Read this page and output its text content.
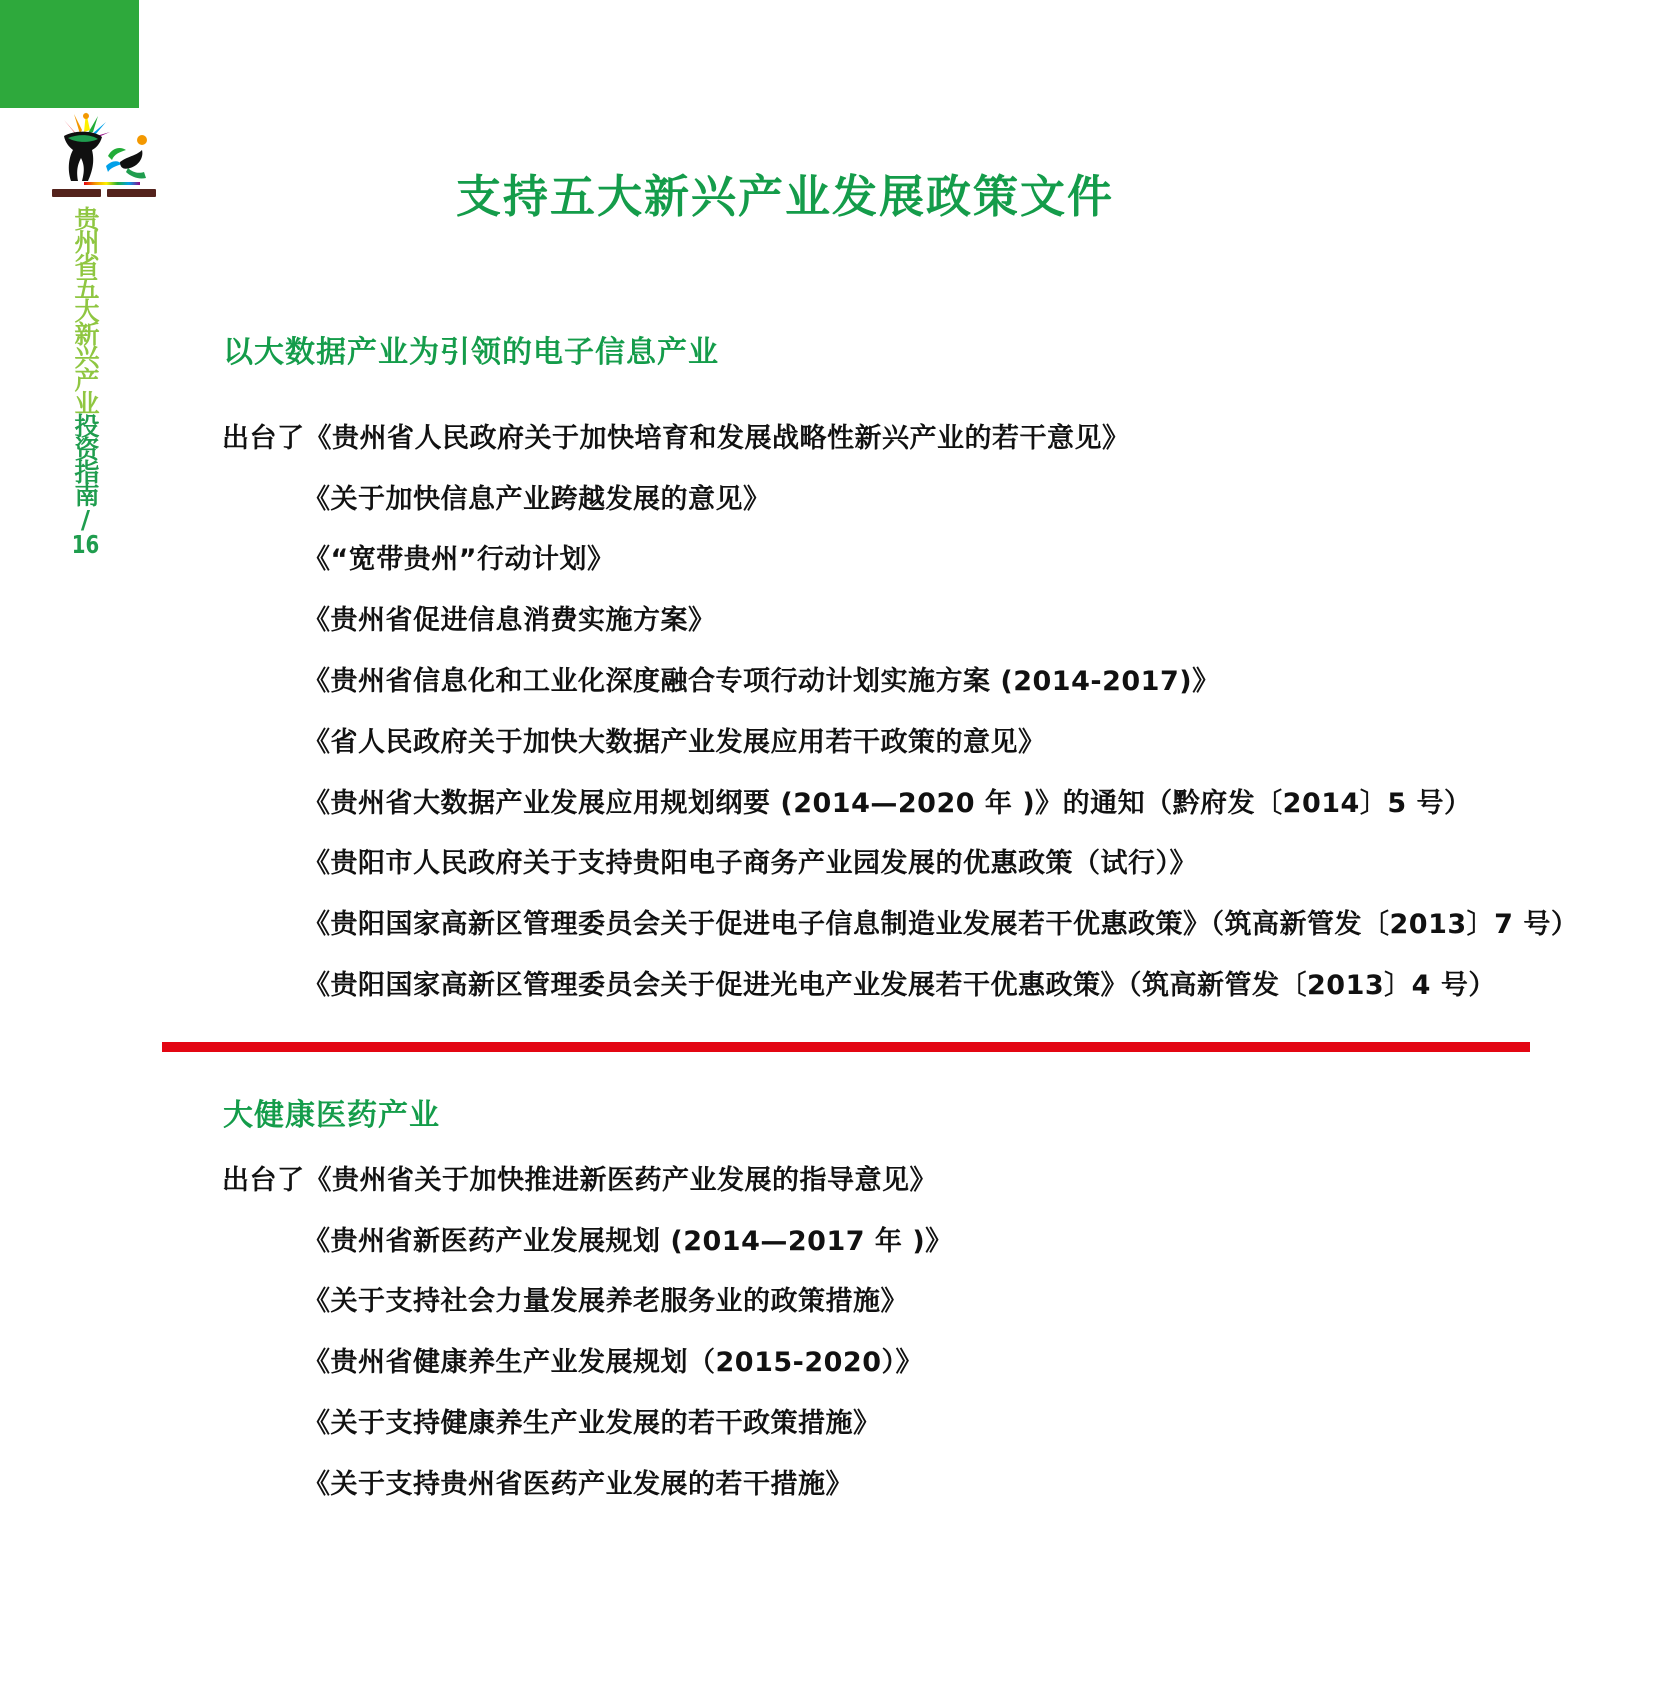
贵州省五大新兴产业投资指南/16
支持五大新兴产业发展政策文件
以大数据产业为引领的电子信息产业
出台了 《贵州省人民政府关于加快培育和发展战略性新兴产业的若干意见》
《关于加快信息产业跨越发展的意见》
《“宽带贵州”行动计划》
《贵州省促进信息消费实施方案》
《贵州省信息化和工业化深度融合专项行动计划实施方案 (2014-2017)》
《省人民政府关于加快大数据产业发展应用若干政策的意见》
《贵州省大数据产业发展应用规划纲要 (2014—2020 年 )》的通知（黔府发〔2014〕5 号）
《贵阳市人民政府关于支持贵阳电子商务产业园发展的优惠政策（试行）》
《贵阳国家高新区管理委员会关于促进电子信息制造业发展若干优惠政策》（筑高新管发〔2013〕7 号）
《贵阳国家高新区管理委员会关于促进光电产业发展若干优惠政策》（筑高新管发〔2013〕4 号）
大健康医药产业
出台了 《贵州省关于加快推进新医药产业发展的指导意见》
《贵州省新医药产业发展规划 (2014—2017 年 )》
《关于支持社会力量发展养老服务业的政策措施》
《贵州省健康养生产业发展规划（2015-2020）》
《关于支持健康养生产业发展的若干政策措施》
《关于支持贵州省医药产业发展的若干措施》
